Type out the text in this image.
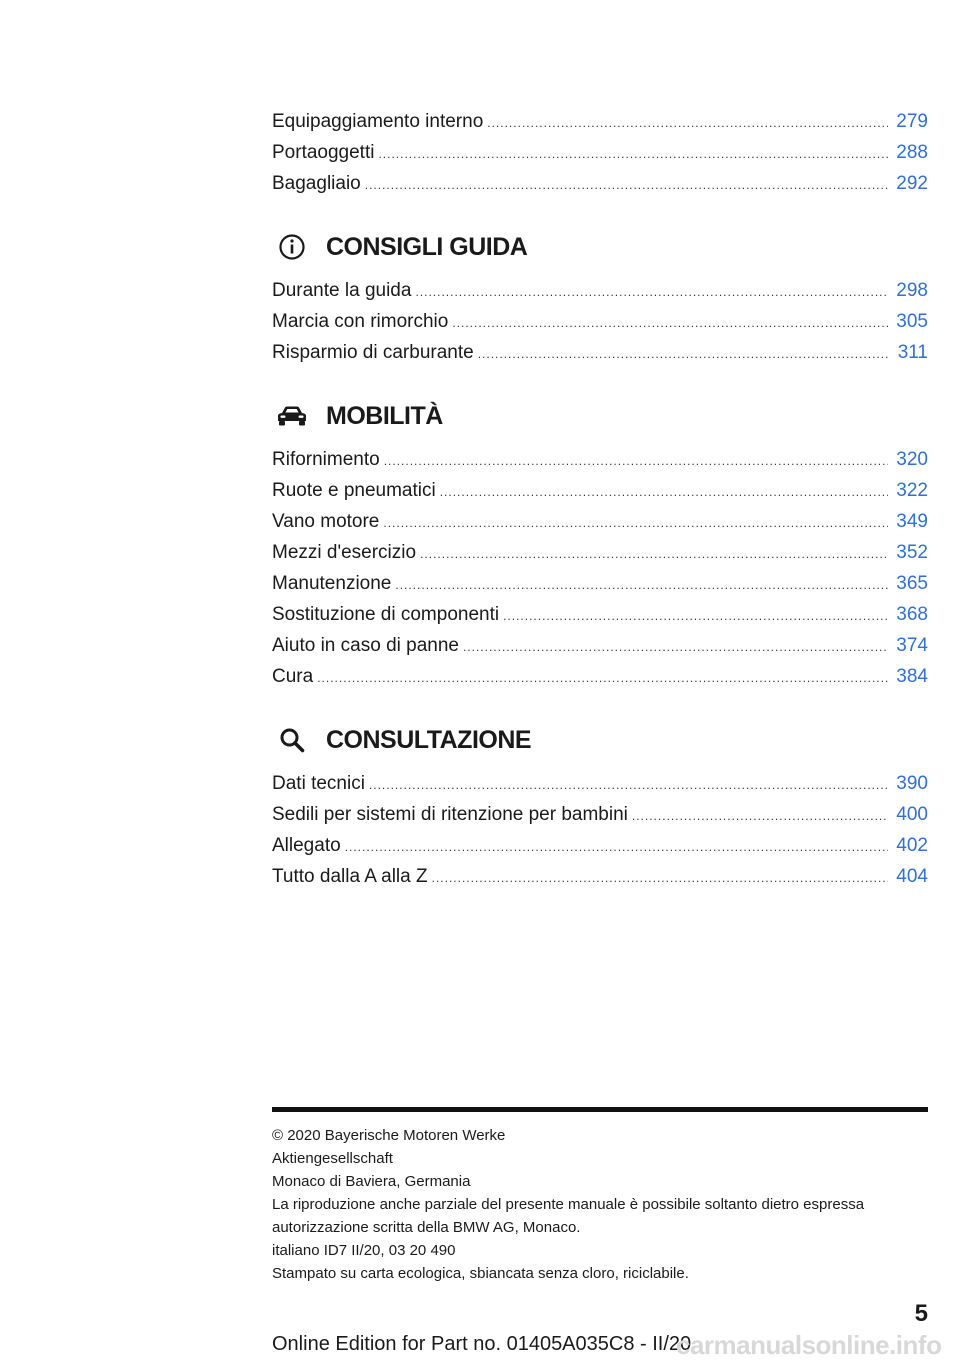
Equipaggiamento interno .....	279
Portaoggetti .....	288
Bagagliaio .....	292
CONSIGLI GUIDA
Durante la guida .....	298
Marcia con rimorchio .....	305
Risparmio di carburante .....	311
MOBILITÀ
Rifornimento .....	320
Ruote e pneumatici .....	322
Vano motore .....	349
Mezzi d'esercizio .....	352
Manutenzione .....	365
Sostituzione di componenti .....	368
Aiuto in caso di panne .....	374
Cura .....	384
CONSULTAZIONE
Dati tecnici .....	390
Sedili per sistemi di ritenzione per bambini .....	400
Allegato .....	402
Tutto dalla A alla Z .....	404
© 2020 Bayerische Motoren Werke
Aktiengesellschaft
Monaco di Baviera, Germania
La riproduzione anche parziale del presente manuale è possibile soltanto dietro espressa
autorizzazione scritta della BMW AG, Monaco.
italiano ID7 II/20, 03 20 490
Stampato su carta ecologica, sbiancata senza cloro, riciclabile.
5
Online Edition for Part no. 01405A035C8 - II/20
carmanualsonline.info
